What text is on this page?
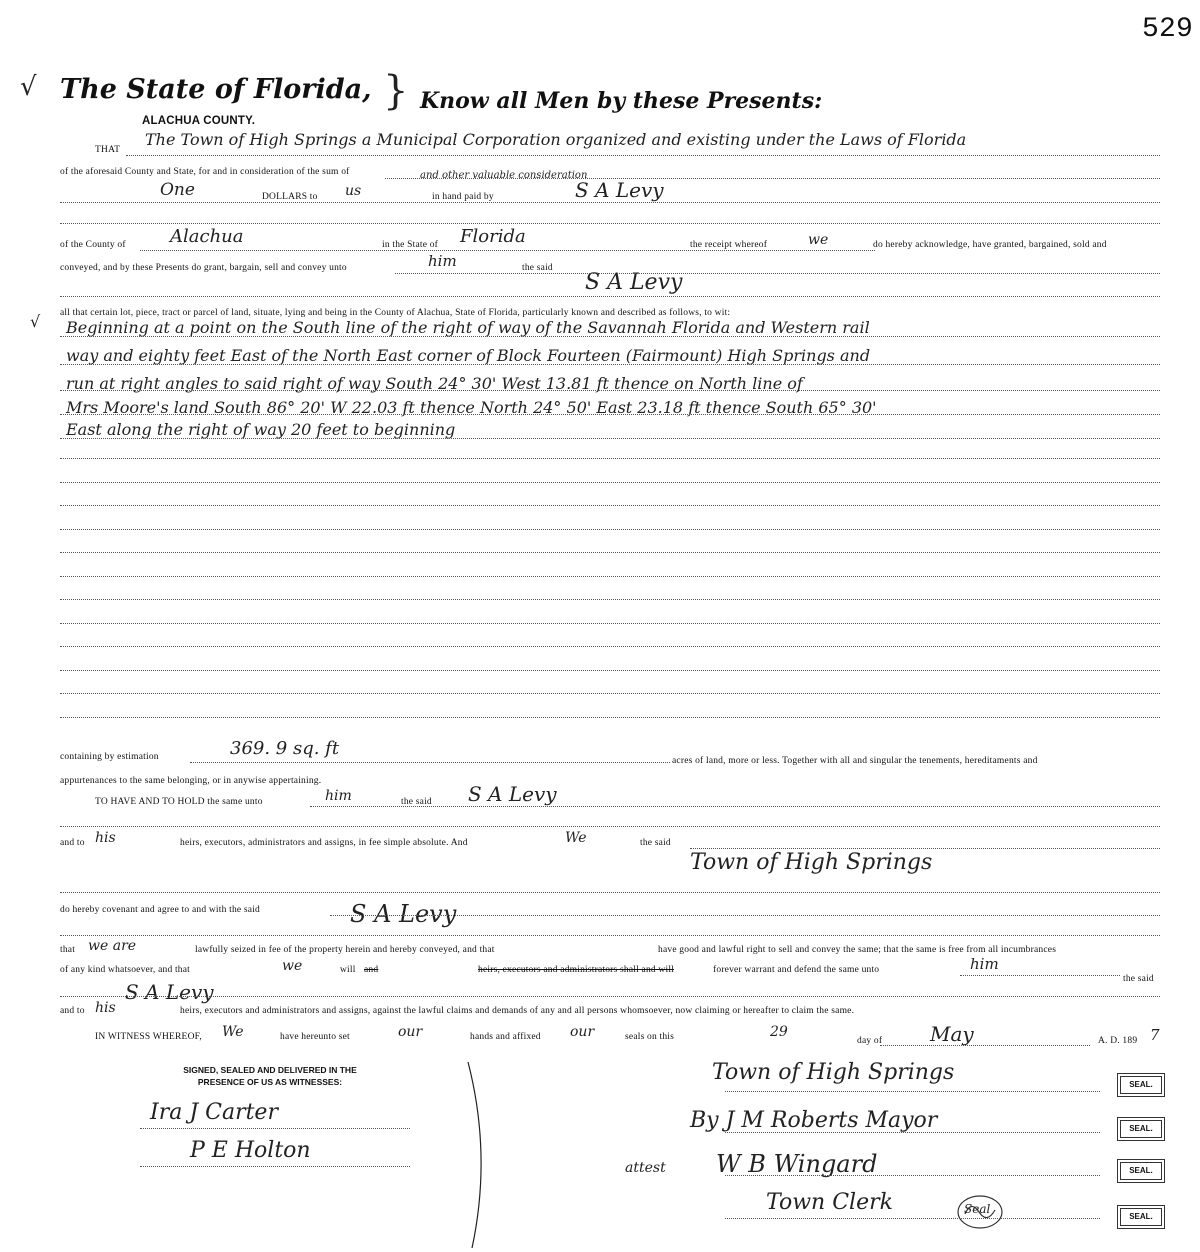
529
√ The State of Florida, }
ALACHUA COUNTY.
Know all Men by these Presents:
THAT
The Town of High Springs a Municipal Corporation organized and existing under the Laws of Florida
of the aforesaid County and State, for and in consideration of the sum of	and other valuable consideration
One	DOLLARS to us	in hand paid by	S A Levy
of the County of Alachua	in the State of Florida	the receipt whereof	we	do hereby acknowledge, have granted, bargained, sold and
conveyed, and by these Presents do grant, bargain, sell and convey unto	him	the said
S A Levy
all that certain lot, piece, tract or parcel of land, situate, lying and being in the County of Alachua, State of Florida, particularly known and described as follows, to wit:
√ Beginning at a point on the South line of the right of way of the Savannah Florida and Western rail
way and eighty feet East of the North East corner of Block Fourteen (Fairmount) High Springs and
run at right angles to said right of way South 24° 30' West 13.81 ft thence on North line of
Mrs Moore's land South 86° 20' W 22.03 ft thence North 24° 50' East 23.18 ft thence South 65° 30'
East along the right of way 20 feet to beginning
containing by estimation	369. 9 sq. ft
acres of land, more or less. Together with all and singular the tenements, hereditaments and
appurtenances to the same belonging, or in anywise appertaining.
TO HAVE AND TO HOLD the same unto	him	the said S A Levy
and to his	heirs, executors, administrators and assigns, in fee simple absolute. And	We	the said
Town of High Springs
do hereby covenant and agree to and with the said	S A Levy
that we are	lawfully seized in fee of the property herein and hereby conveyed, and that	have good and lawful right to sell and convey the same; that the same is free from all incumbrances
of any kind whatsoever, and that	we	will and	heirs, executors and administrators shall and will	forever warrant and defend the same unto	him
the said
and to his
S A Levy
heirs, executors and administrators and assigns, against the lawful claims and demands of any and all persons whomsoever, now claiming or hereafter to claim the same.
IN WITNESS WHEREOF, We	have hereunto set	our	hands and affixed our	seals on this	29
day of May	A. D. 189 7
SIGNED, SEALED AND DELIVERED IN THE
PRESENCE OF US AS WITNESSES:
Ira J Carter
P E Holton
Town of High Springs
By J M Roberts Mayor
attest W B Wingard
Town Clerk	Seal
SEAL.
SEAL.
SEAL.
SEAL.
